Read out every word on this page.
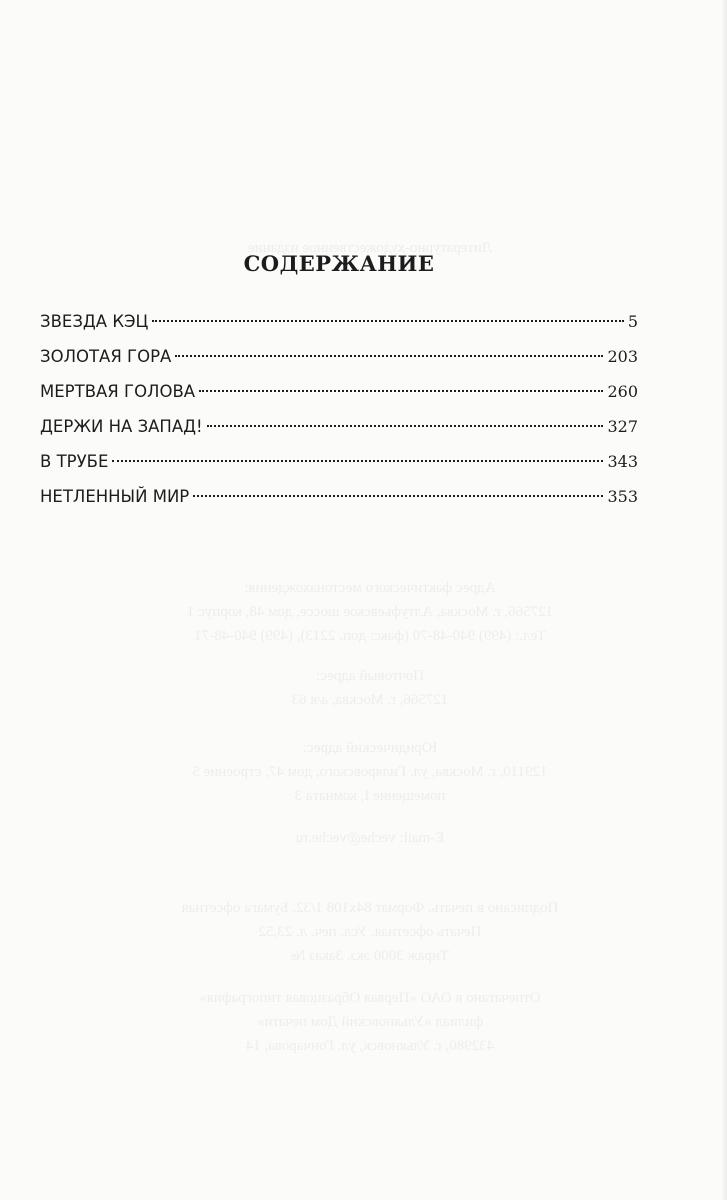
Литературно-художественное издание
Адрес фактического местонахождения:
127566, г. Москва, Алтуфьевское шоссе, дом 48, корпус 1
Тел.: (499) 940-48-70 (факс: доп. 2213), (499) 940-48-71
Почтовый адрес:
127566, г. Москва, а/я 63
Юридический адрес:
129110, г. Москва, ул. Гиляровского, дом 47, строение 5
помещение I, комната 3
E-mail: veche@veche.ru
Подписано в печать. Формат 84x108 1/32. Бумага офсетная
Печать офсетная. Усл. печ. л. 23,52
Тираж 3000 экз. Заказ №
Отпечатано в ОАО «Первая Образцовая типография»
филиал «Ульяновский Дом печати»
432980, г. Ульяновск, ул. Гончарова, 14
СОДЕРЖАНИЕ
ЗВЕЗДА КЭЦ	5
ЗОЛОТАЯ ГОРА	203
МЕРТВАЯ ГОЛОВА	260
ДЕРЖИ НА ЗАПАД!	327
В ТРУБЕ	343
НЕТЛЕННЫЙ МИР	353
